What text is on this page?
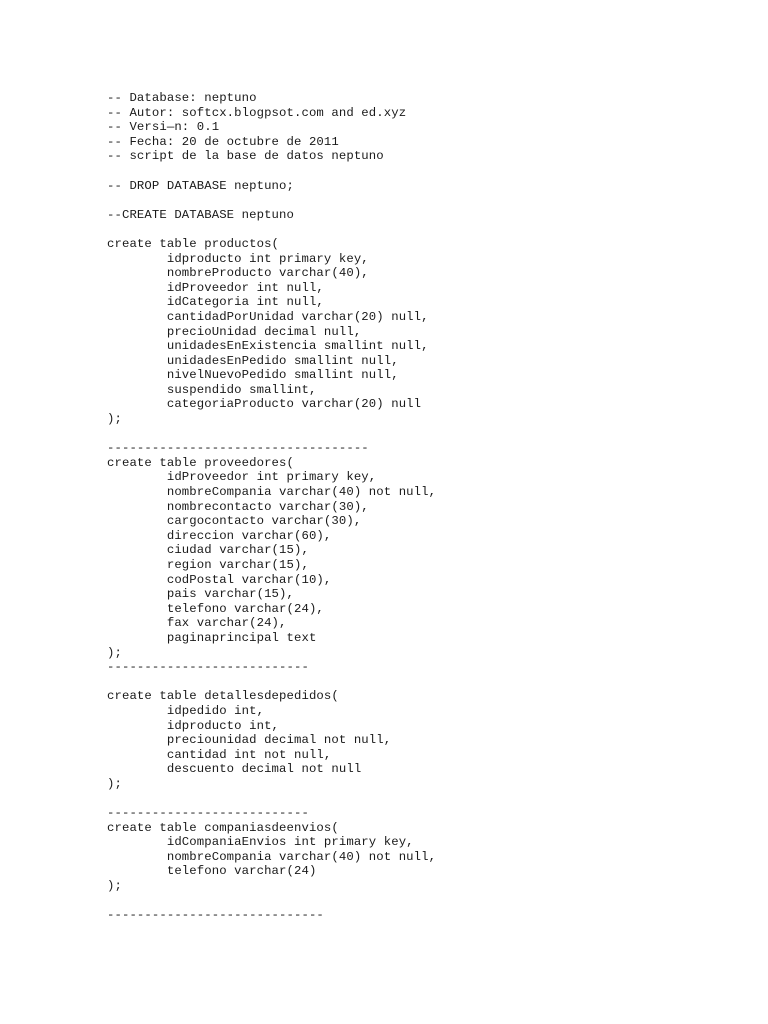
-- Database: neptuno
-- Autor: softcx.blogpsot.com and ed.xyz
-- Versi—n: 0.1
-- Fecha: 20 de octubre de 2011
-- script de la base de datos neptuno
-- DROP DATABASE neptuno;
--CREATE DATABASE neptuno
create table productos(
idproducto int primary key,
nombreProducto varchar(40),
idProveedor int null,
idCategoria int null,
cantidadPorUnidad varchar(20) null,
precioUnidad decimal null,
unidadesEnExistencia smallint null,
unidadesEnPedido smallint null,
nivelNuevoPedido smallint null,
suspendido smallint,
categoriaProducto varchar(20) null
);
-----------------------------------
create table proveedores(
idProveedor int primary key,
nombreCompania varchar(40) not null,
nombrecontacto varchar(30),
cargocontacto varchar(30),
direccion varchar(60),
ciudad varchar(15),
region varchar(15),
codPostal varchar(10),
pais varchar(15),
telefono varchar(24),
fax varchar(24),
paginaprincipal text
);
---------------------------
create table detallesdepedidos(
idpedido int,
idproducto int,
preciounidad decimal not null,
cantidad int not null,
descuento decimal not null
);
---------------------------
create table companiasdeenvios(
idCompaniaEnvios int primary key,
nombreCompania varchar(40) not null,
telefono varchar(24)
);
-----------------------------
